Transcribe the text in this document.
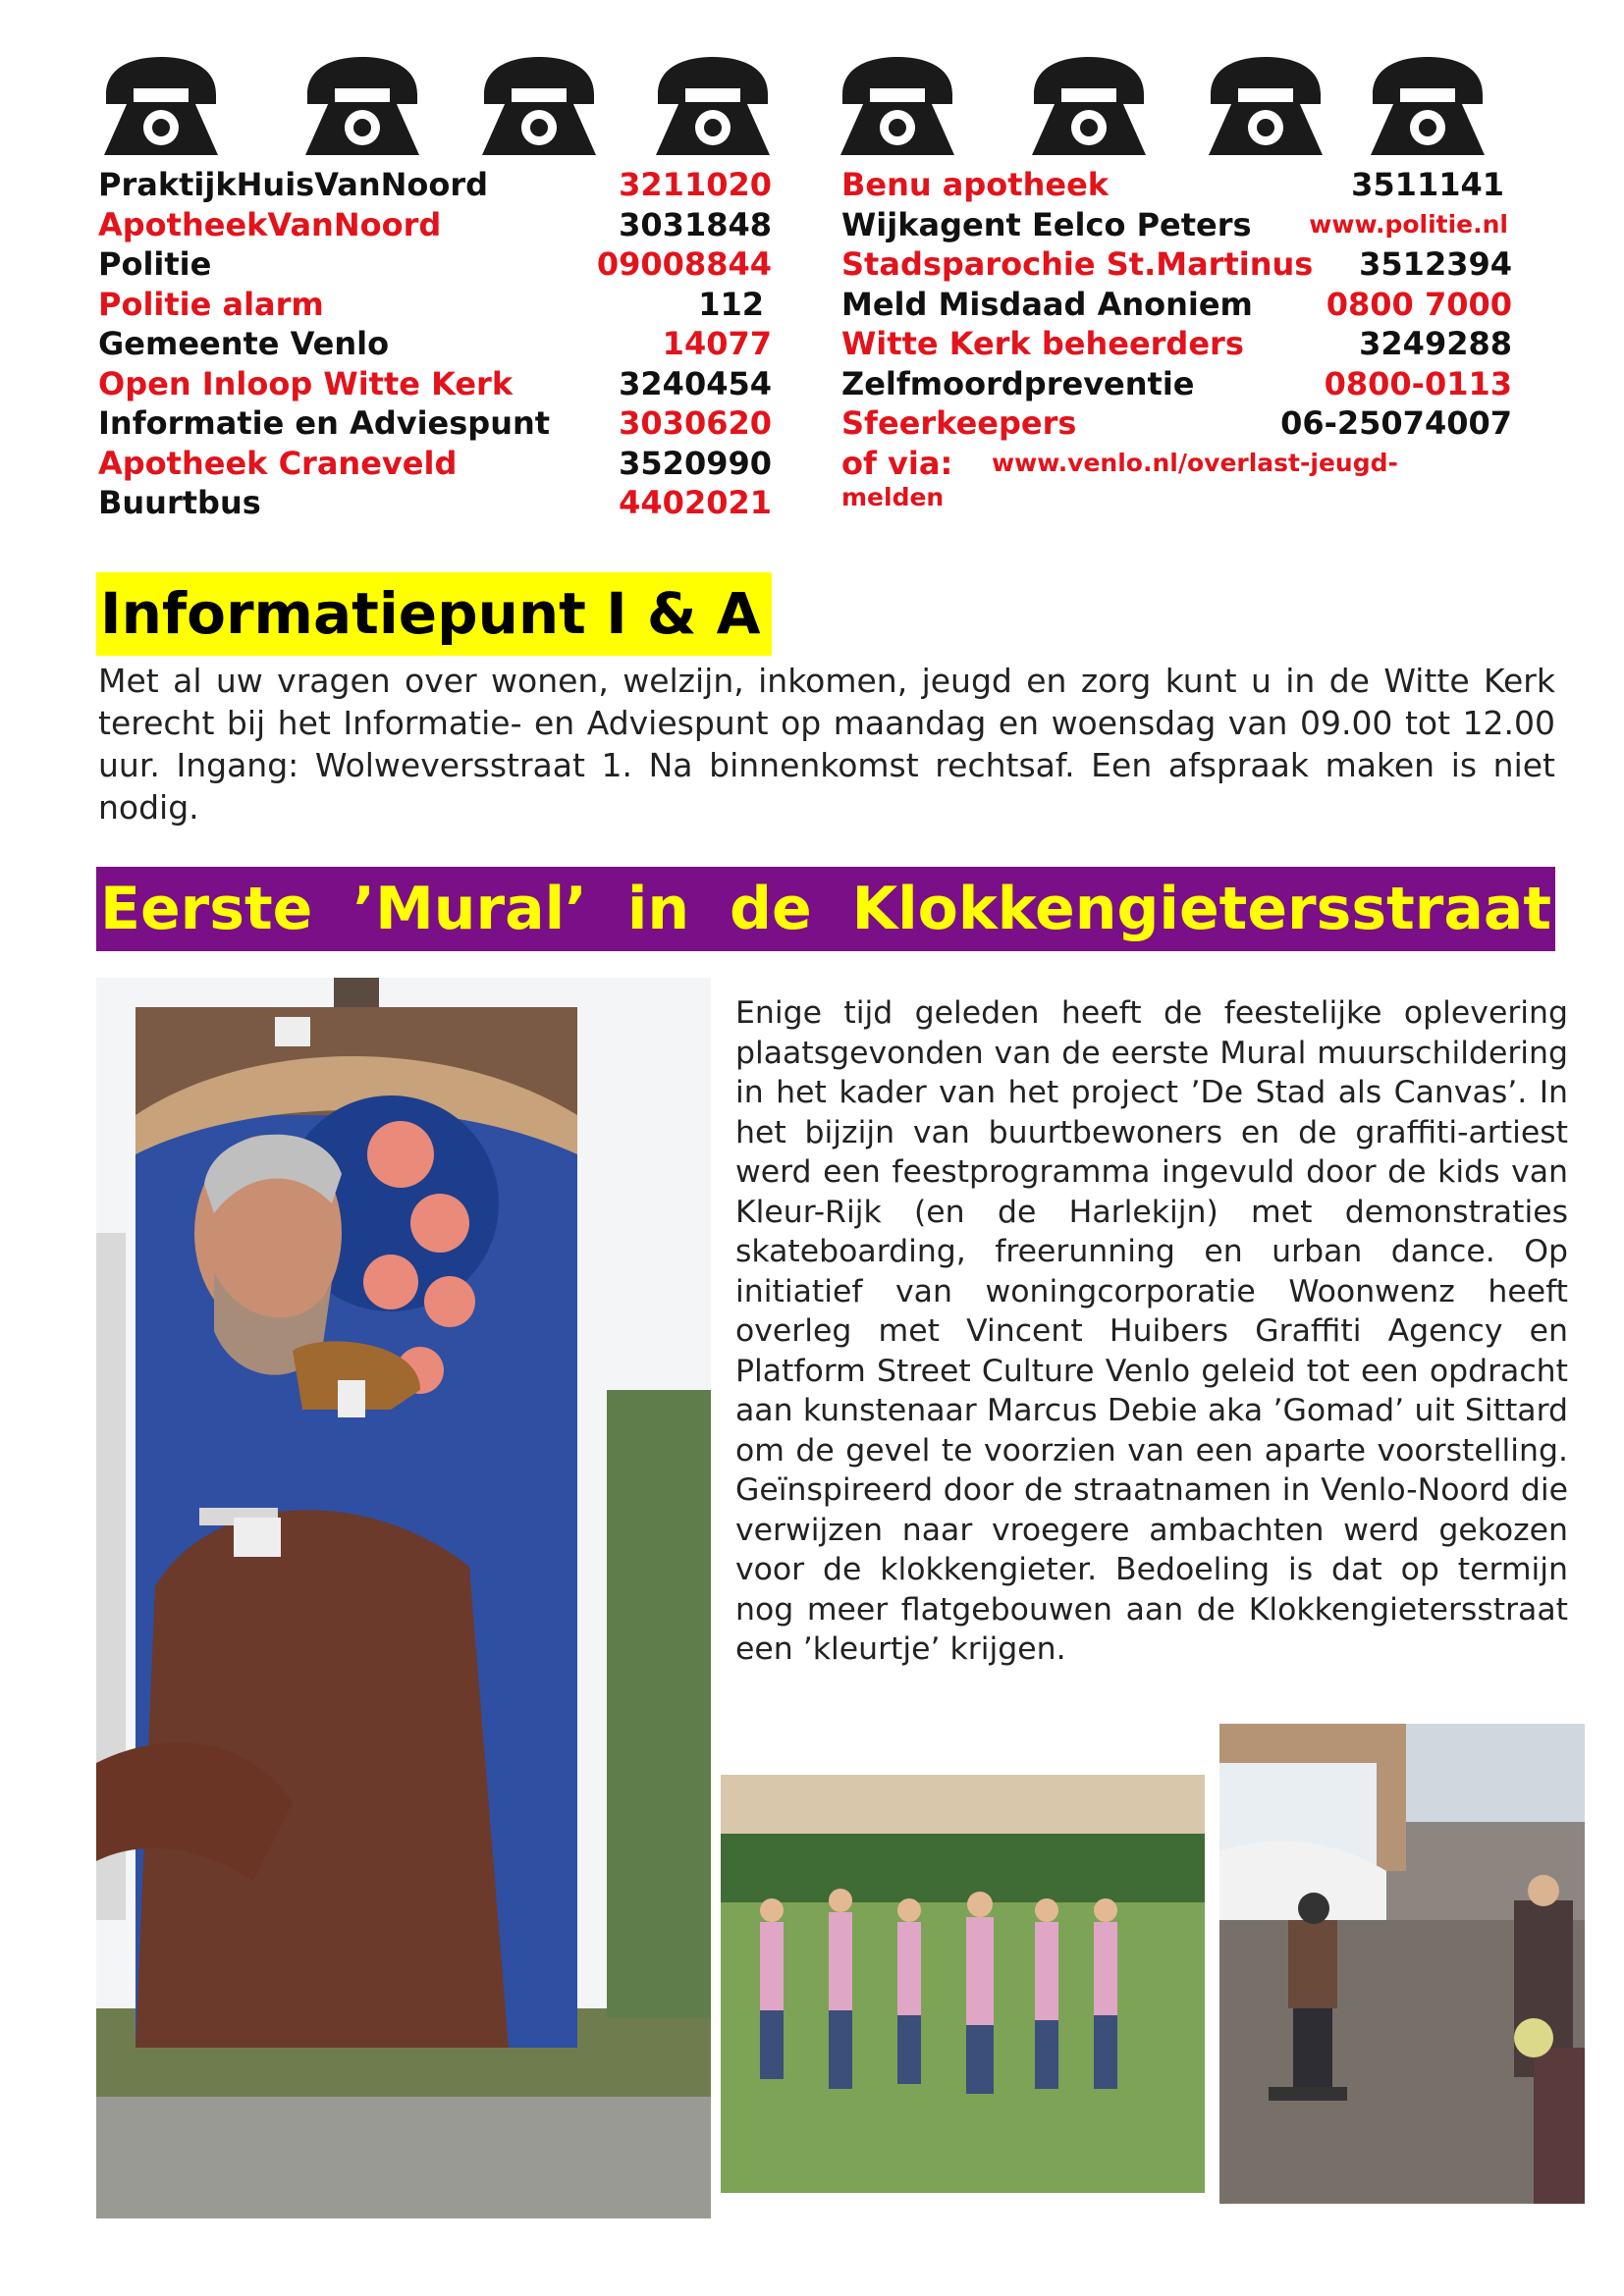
PraktijkHuisVanNoord	3211020
ApotheekVanNoord	3031848
Politie	09008844
Politie alarm	112
Gemeente Venlo	14077
Open Inloop Witte Kerk	3240454
Informatie en Adviespunt 3030620
Apotheek Craneveld	3520990
Buurtbus	4402021
Benu apotheek	3511141
Wijkagent Eelco Peters www.politie.nl
Stadsparochie St.Martinus 3512394
Meld Misdaad Anoniem 0800 7000
Witte Kerk beheerders	3249288
Zelfmoordpreventie	0800-0113
Sfeerkeepers	06-25074007
of via: www.venlo.nl/overlast-jeugd-
melden
Informatiepunt I & A
Met al uw vragen over wonen, welzijn, inkomen, jeugd en zorg kunt u in de Witte Kerk terecht bij het Informatie- en Adviespunt op maandag en woensdag van 09.00 tot 12.00 uur. Ingang: Wolweversstraat 1. Na binnenkomst rechtsaf. Een afspraak maken is niet nodig.
Eerste ’Mural’ in de Klokkengietersstraat
Enige tijd geleden heeft de feestelijke oplevering plaatsgevonden van de eerste Mural muurschildering in het kader van het project ’De Stad als Canvas’. In het bijzijn van buurtbewoners en de graffiti-artiest werd een feestprogramma ingevuld door de kids van Kleur-Rijk (en de Harlekijn) met demonstraties skateboarding, freerunning en urban dance. Op initiatief van woningcorporatie Woonwenz heeft overleg met Vincent Huibers Graffiti Agency en Platform Street Culture Venlo geleid tot een opdracht aan kunstenaar Marcus Debie aka ’Gomad’ uit Sittard om de gevel te voorzien van een aparte voorstelling. Geïnspireerd door de straatnamen in Venlo-Noord die verwijzen naar vroegere ambachten werd gekozen voor de klokkengieter. Bedoeling is dat op termijn nog meer flatgebouwen aan de Klokkengietersstraat een ’kleurtje’ krijgen.
